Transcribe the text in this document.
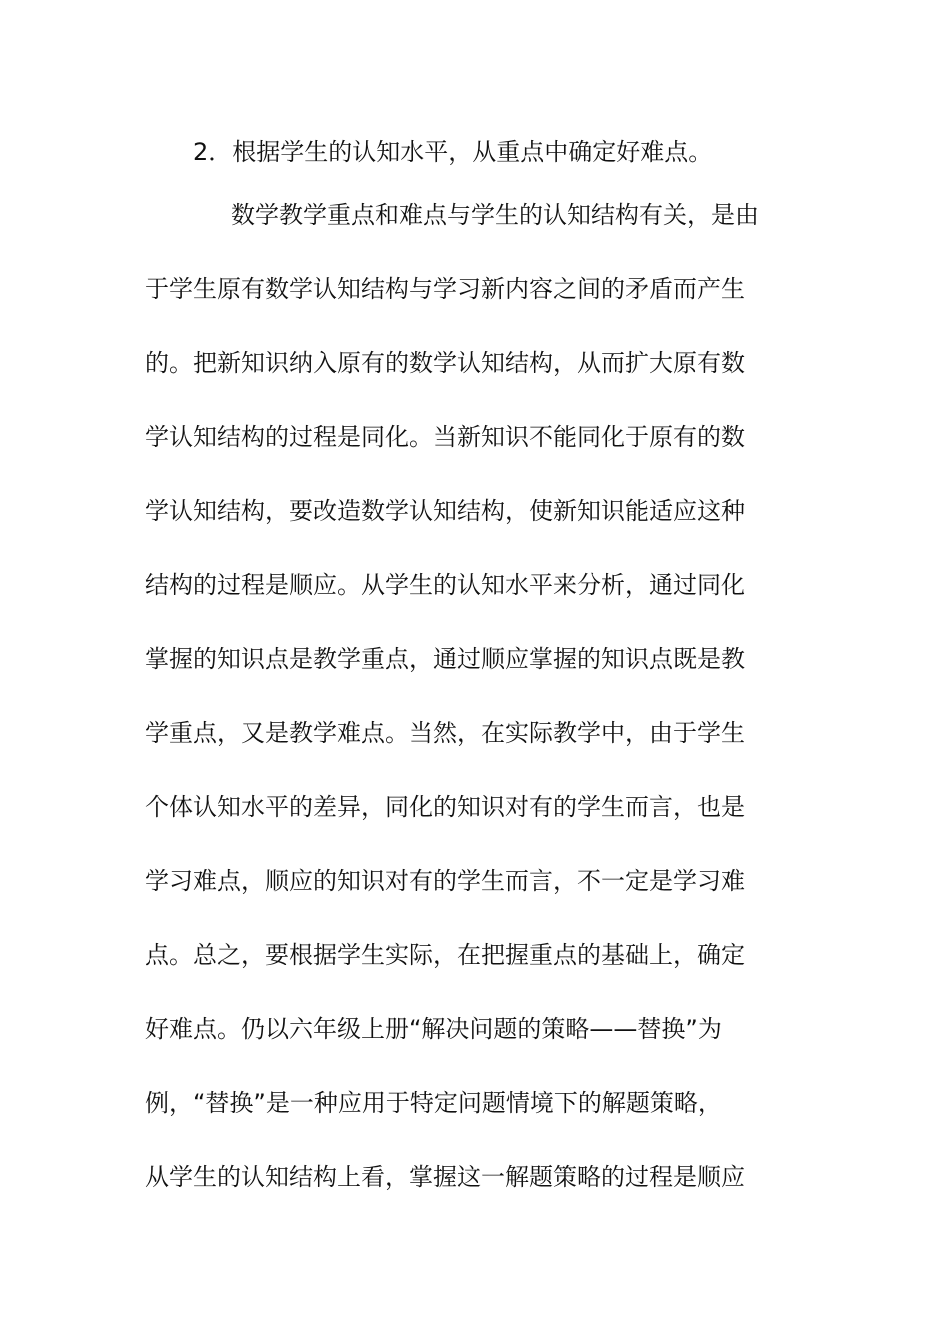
2．根据学生的认知水平，从重点中确定好难点。
数学教学重点和难点与学生的认知结构有关，是由
于学生原有数学认知结构与学习新内容之间的矛盾而产生
的。把新知识纳入原有的数学认知结构，从而扩大原有数
学认知结构的过程是同化。当新知识不能同化于原有的数
学认知结构，要改造数学认知结构，使新知识能适应这种
结构的过程是顺应。从学生的认知水平来分析，通过同化
掌握的知识点是教学重点，通过顺应掌握的知识点既是教
学重点，又是教学难点。当然，在实际教学中，由于学生
个体认知水平的差异，同化的知识对有的学生而言，也是
学习难点，顺应的知识对有的学生而言，不一定是学习难
点。总之，要根据学生实际，在把握重点的基础上，确定
好难点。仍以六年级上册“解决问题的策略——替换”为
例，“替换”是一种应用于特定问题情境下的解题策略，
从学生的认知结构上看，掌握这一解题策略的过程是顺应
